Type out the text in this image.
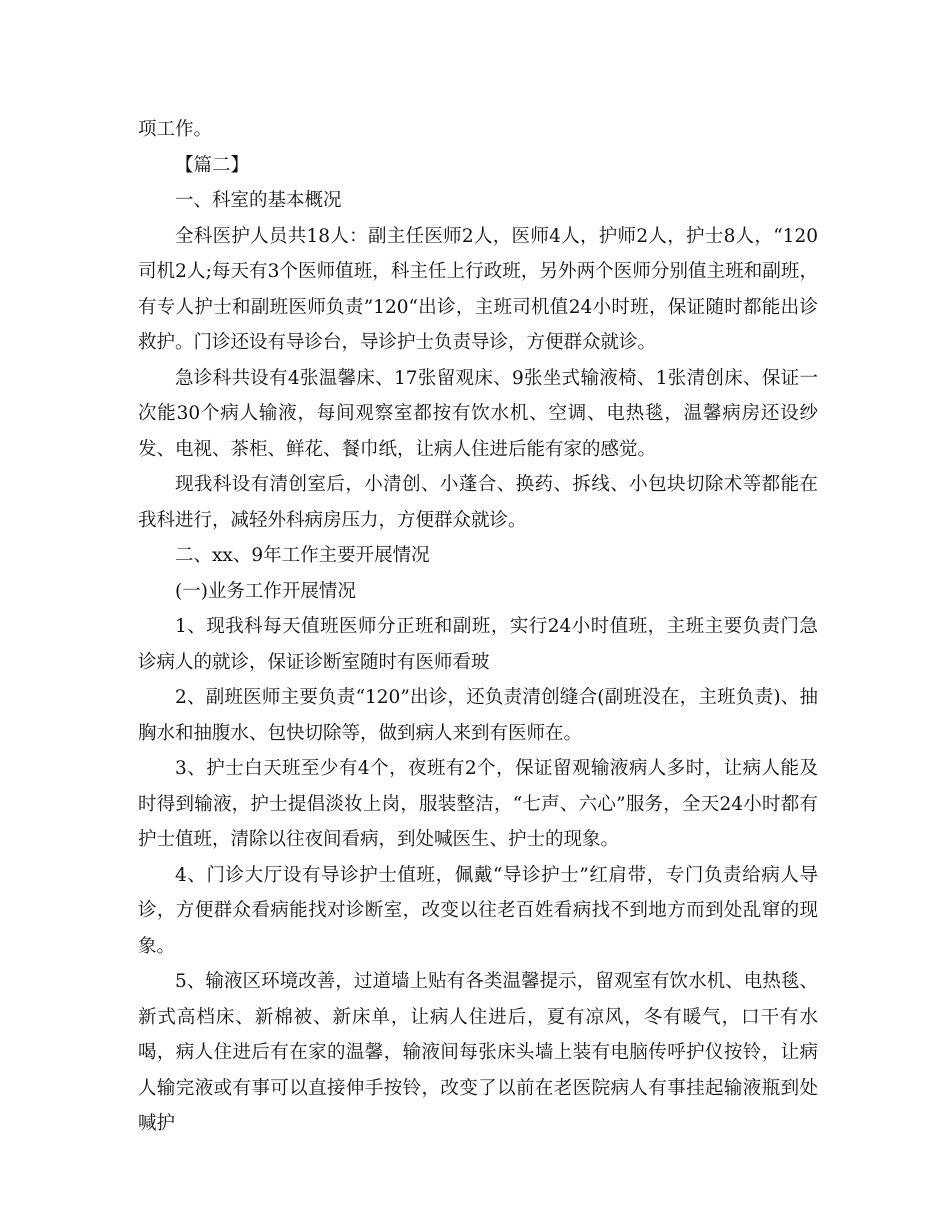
项工作。

【篇二】

一、科室的基本概况

全科医护人员共18人：副主任医师2人，医师4人，护师2人，护士8人，“120司机2人;每天有3个医师值班，科主任上行政班，另外两个医师分别值主班和副班，有专人护士和副班医师负责”120“出诊，主班司机值24小时班，保证随时都能出诊救护。门诊还设有导诊台，导诊护士负责导诊，方便群众就诊。

急诊科共设有4张温馨床、17张留观床、9张坐式输液椅、1张清创床、保证一次能30个病人输液，每间观察室都按有饮水机、空调、电热毯，温馨病房还设纱发、电视、茶柜、鲜花、餐巾纸，让病人住进后能有家的感觉。

现我科设有清创室后，小清创、小蓬合、换药、拆线、小包块切除术等都能在我科进行，减轻外科病房压力，方便群众就诊。

二、xx、9年工作主要开展情况

(一)业务工作开展情况

1、现我科每天值班医师分正班和副班，实行24小时值班，主班主要负责门急诊病人的就诊，保证诊断室随时有医师看玻

2、副班医师主要负责“120”出诊，还负责清创缝合(副班没在，主班负责)、抽胸水和抽腹水、包快切除等，做到病人来到有医师在。

3、护士白天班至少有4个，夜班有2个，保证留观输液病人多时，让病人能及时得到输液，护士提倡淡妆上岗，服装整洁，“七声、六心”服务，全天24小时都有护士值班，清除以往夜间看病，到处喊医生、护士的现象。

4、门诊大厅设有导诊护士值班，佩戴“导诊护士”红肩带，专门负责给病人导诊，方便群众看病能找对诊断室，改变以往老百姓看病找不到地方而到处乱窜的现象。

5、输液区环境改善，过道墙上贴有各类温馨提示，留观室有饮水机、电热毯、新式高档床、新棉被、新床单，让病人住进后，夏有凉风，冬有暖气，口干有水喝，病人住进后有在家的温馨，输液间每张床头墙上装有电脑传呼护仪按铃，让病人输完液或有事可以直接伸手按铃，改变了以前在老医院病人有事挂起输液瓶到处喊护
